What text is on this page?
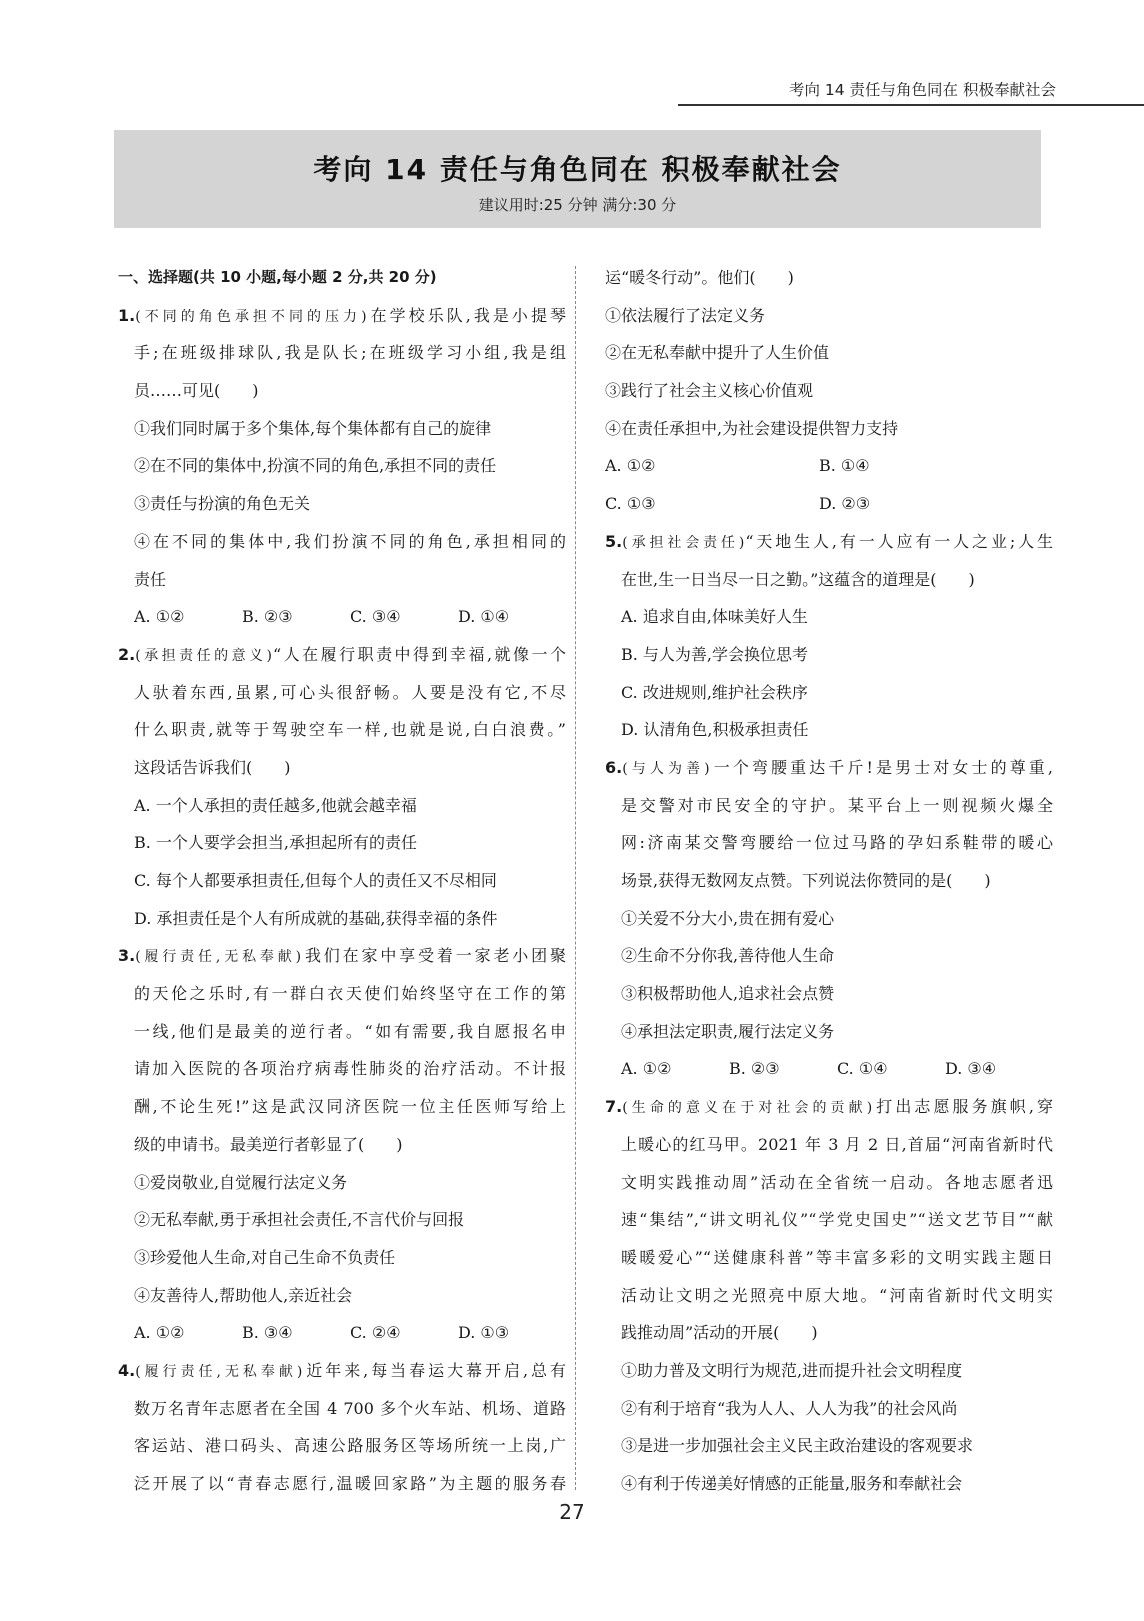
考向 14 责任与角色同在 积极奉献社会
考向 14 责任与角色同在 积极奉献社会
建议用时:25 分钟 满分:30 分
一、选择题(共 10 小题,每小题 2 分,共 20 分)
1.(不同的角色承担不同的压力)在学校乐队,我是小提琴
手;在班级排球队,我是队长;在班级学习小组,我是组
员……可见(　　)
①我们同时属于多个集体,每个集体都有自己的旋律
②在不同的集体中,扮演不同的角色,承担不同的责任
③责任与扮演的角色无关
④在不同的集体中,我们扮演不同的角色,承担相同的
责任
A. ①②	B. ②③	C. ③④	D. ①④
2.(承担责任的意义)“人在履行职责中得到幸福,就像一个
人驮着东西,虽累,可心头很舒畅。人要是没有它,不尽
什么职责,就等于驾驶空车一样,也就是说,白白浪费。”
这段话告诉我们(　　)
A. 一个人承担的责任越多,他就会越幸福
B. 一个人要学会担当,承担起所有的责任
C. 每个人都要承担责任,但每个人的责任又不尽相同
D. 承担责任是个人有所成就的基础,获得幸福的条件
3.(履行责任,无私奉献)我们在家中享受着一家老小团聚
的天伦之乐时,有一群白衣天使们始终坚守在工作的第
一线,他们是最美的逆行者。“如有需要,我自愿报名申
请加入医院的各项治疗病毒性肺炎的治疗活动。不计报
酬,不论生死!”这是武汉同济医院一位主任医师写给上
级的申请书。最美逆行者彰显了(　　)
①爱岗敬业,自觉履行法定义务
②无私奉献,勇于承担社会责任,不言代价与回报
③珍爱他人生命,对自己生命不负责任
④友善待人,帮助他人,亲近社会
A. ①②	B. ③④	C. ②④	D. ①③
4.(履行责任,无私奉献)近年来,每当春运大幕开启,总有
数万名青年志愿者在全国 4 700 多个火车站、机场、道路
客运站、港口码头、高速公路服务区等场所统一上岗,广
泛开展了以“青春志愿行,温暖回家路”为主题的服务春
运“暖冬行动”。他们(　　)
①依法履行了法定义务
②在无私奉献中提升了人生价值
③践行了社会主义核心价值观
④在责任承担中,为社会建设提供智力支持
A. ①②	B. ①④
C. ①③	D. ②③
5.(承担社会责任)“天地生人,有一人应有一人之业;人生
在世,生一日当尽一日之勤。”这蕴含的道理是(　　)
A. 追求自由,体味美好人生
B. 与人为善,学会换位思考
C. 改进规则,维护社会秩序
D. 认清角色,积极承担责任
6.(与人为善)一个弯腰重达千斤!是男士对女士的尊重,
是交警对市民安全的守护。某平台上一则视频火爆全
网:济南某交警弯腰给一位过马路的孕妇系鞋带的暖心
场景,获得无数网友点赞。下列说法你赞同的是(　　)
①关爱不分大小,贵在拥有爱心
②生命不分你我,善待他人生命
③积极帮助他人,追求社会点赞
④承担法定职责,履行法定义务
A. ①②	B. ②③	C. ①④	D. ③④
7.(生命的意义在于对社会的贡献)打出志愿服务旗帜,穿
上暖心的红马甲。2021 年 3 月 2 日,首届“河南省新时代
文明实践推动周”活动在全省统一启动。各地志愿者迅
速“集结”,“讲文明礼仪”“学党史国史”“送文艺节目”“献
暖暖爱心”“送健康科普”等丰富多彩的文明实践主题日
活动让文明之光照亮中原大地。“河南省新时代文明实
践推动周”活动的开展(　　)
①助力普及文明行为规范,进而提升社会文明程度
②有利于培育“我为人人、人人为我”的社会风尚
③是进一步加强社会主义民主政治建设的客观要求
④有利于传递美好情感的正能量,服务和奉献社会
27
